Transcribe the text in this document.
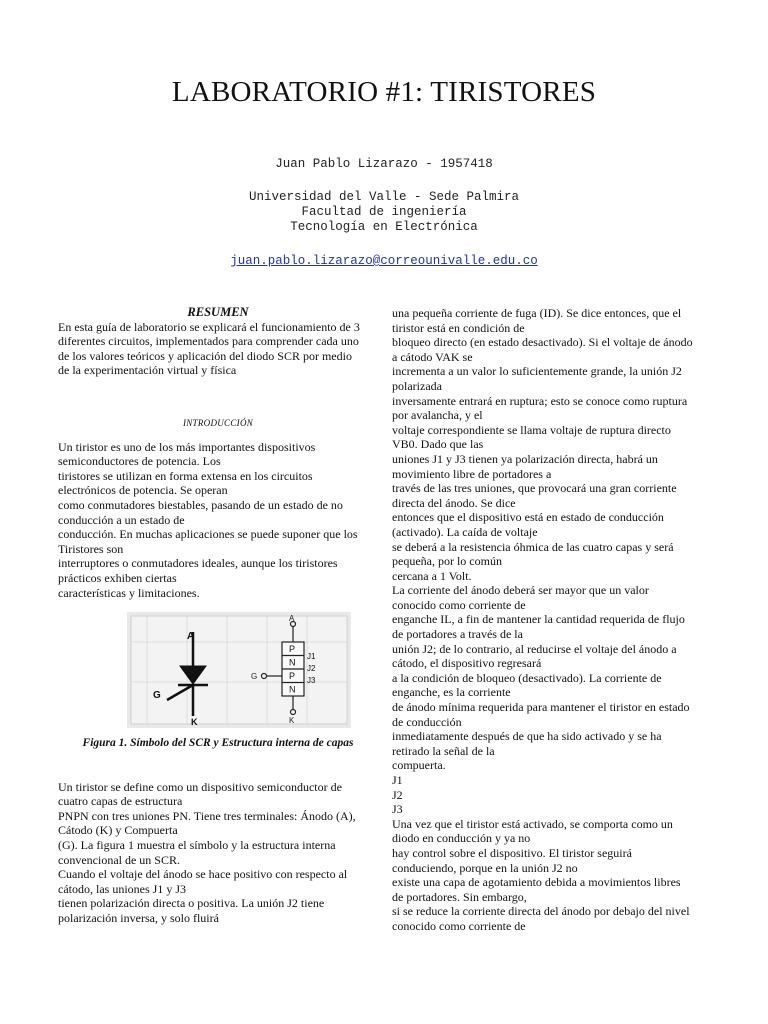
LABORATORIO #1: TIRISTORES
Juan Pablo Lizarazo - 1957418
Universidad del Valle - Sede Palmira
Facultad de ingeniería
Tecnología en Electrónica
juan.pablo.lizarazo@correounivalle.edu.co

RESUMEN

En esta guía de laboratorio se explicará el funcionamiento de 3

diferentes circuitos, implementados para comprender cada uno

de los valores teóricos y aplicación del diodo SCR por medio

de la experimentación virtual y física

INTRODUCCIÓN

Un tiristor es uno de los más importantes dispositivos

semiconductores de potencia. Los

tiristores se utilizan en forma extensa en los circuitos

electrónicos de potencia. Se operan

como conmutadores biestables, pasando de un estado de no

conducción a un estado de

conducción. En muchas aplicaciones se puede suponer que los

Tiristores son

interruptores o conmutadores ideales, aunque los tiristores

prácticos exhiben ciertas

características y limitaciones.

A
G
K
A
G
K
P
N
P
N
J1
J2
J3

Figura 1. Símbolo del SCR y Estructura interna de capas

Un tiristor se define como un dispositivo semiconductor de

cuatro capas de estructura

PNPN con tres uniones PN. Tiene tres terminales: Ánodo (A),

Cátodo (K) y Compuerta

(G). La figura 1 muestra el símbolo y la estructura interna

convencional de un SCR.

Cuando el voltaje del ánodo se hace positivo con respecto al

cátodo, las uniones J1 y J3

tienen polarización directa o positiva. La unión J2 tiene

polarización inversa, y solo fluirá

una pequeña corriente de fuga (ID). Se dice entonces, que el

tiristor está en condición de

bloqueo directo (en estado desactivado). Si el voltaje de ánodo

a cátodo VAK se

incrementa a un valor lo suficientemente grande, la unión J2

polarizada

inversamente entrará en ruptura; esto se conoce como ruptura

por avalancha, y el

voltaje correspondiente se llama voltaje de ruptura directo

VB0. Dado que las

uniones J1 y J3 tienen ya polarización directa, habrá un

movimiento libre de portadores a

través de las tres uniones, que provocará una gran corriente

directa del ánodo. Se dice

entonces que el dispositivo está en estado de conducción

(activado). La caída de voltaje

se deberá a la resistencia óhmica de las cuatro capas y será

pequeña, por lo común

cercana a 1 Volt.

La corriente del ánodo deberá ser mayor que un valor

conocido como corriente de

enganche IL, a fin de mantener la cantidad requerida de flujo

de portadores a través de la

unión J2; de lo contrario, al reducirse el voltaje del ánodo a

cátodo, el dispositivo regresará

a la condición de bloqueo (desactivado). La corriente de

enganche, es la corriente

de ánodo mínima requerida para mantener el tiristor en estado

de conducción

inmediatamente después de que ha sido activado y se ha

retirado la señal de la

compuerta.

J1

J2

J3

Una vez que el tiristor está activado, se comporta como un

diodo en conducción y ya no

hay control sobre el dispositivo. El tiristor seguirá

conduciendo, porque en la unión J2 no

existe una capa de agotamiento debida a movimientos libres

de portadores. Sin embargo,

si se reduce la corriente directa del ánodo por debajo del nivel

conocido como corriente de
